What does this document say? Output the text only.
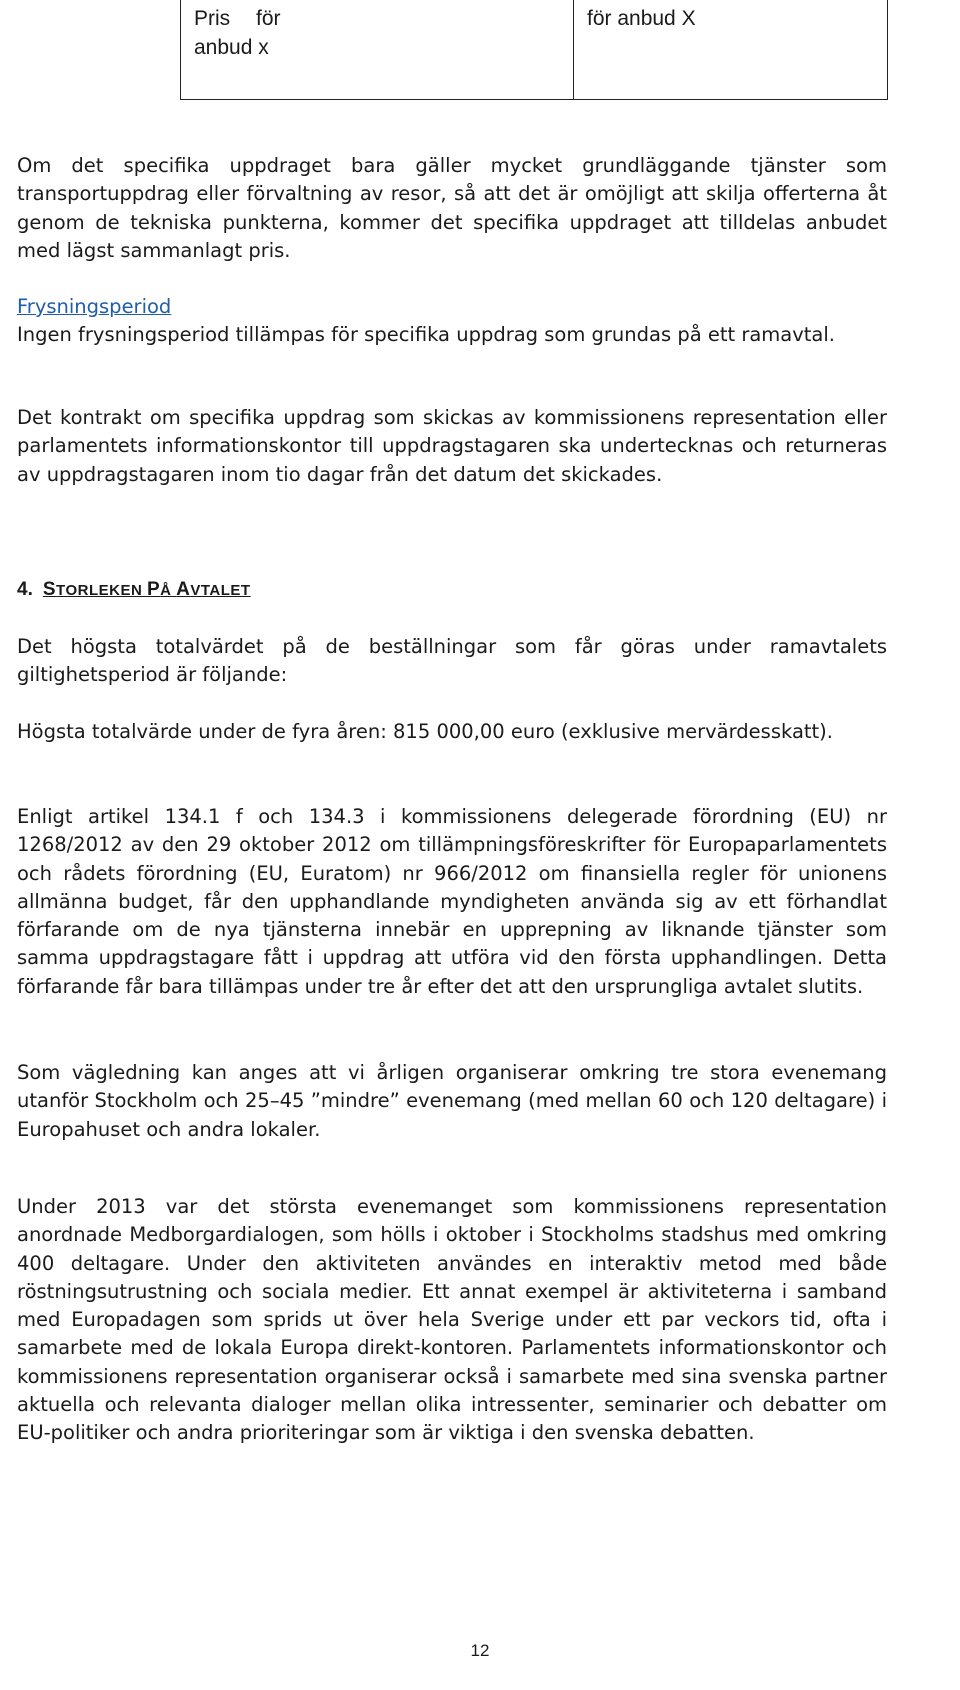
Pris för
anbud x
för anbud X

Om det specifika uppdraget bara gäller mycket grundläggande tjänster som transportuppdrag eller förvaltning av resor, så att det är omöjligt att skilja offerterna åt genom de tekniska punkterna, kommer det specifika uppdraget att tilldelas anbudet med lägst sammanlagt pris.

Frysningsperiod
Ingen frysningsperiod tillämpas för specifika uppdrag som grundas på ett ramavtal.

Det kontrakt om specifika uppdrag som skickas av kommissionens representation eller parlamentets informationskontor till uppdragstagaren ska undertecknas och returneras av uppdragstagaren inom tio dagar från det datum det skickades.

4. STORLEKEN PÅ AVTALET

Det högsta totalvärdet på de beställningar som får göras under ramavtalets giltighetsperiod är följande:

Högsta totalvärde under de fyra åren: 815 000,00 euro (exklusive mervärdesskatt).

Enligt artikel 134.1 f och 134.3 i kommissionens delegerade förordning (EU) nr 1268/2012 av den 29 oktober 2012 om tillämpningsföreskrifter för Europaparlamentets och rådets förordning (EU, Euratom) nr 966/2012 om finansiella regler för unionens allmänna budget, får den upphandlande myndigheten använda sig av ett förhandlat förfarande om de nya tjänsterna innebär en upprepning av liknande tjänster som samma uppdragstagare fått i uppdrag att utföra vid den första upphandlingen. Detta förfarande får bara tillämpas under tre år efter det att den ursprungliga avtalet slutits.

Som vägledning kan anges att vi årligen organiserar omkring tre stora evenemang utanför Stockholm och 25–45 ”mindre” evenemang (med mellan 60 och 120 deltagare) i Europahuset och andra lokaler.

Under 2013 var det största evenemanget som kommissionens representation anordnade Medborgardialogen, som hölls i oktober i Stockholms stadshus med omkring 400 deltagare. Under den aktiviteten användes en interaktiv metod med både röstningsutrustning och sociala medier. Ett annat exempel är aktiviteterna i samband med Europadagen som sprids ut över hela Sverige under ett par veckors tid, ofta i samarbete med de lokala Europa direkt-kontoren. Parlamentets informationskontor och kommissionens representation organiserar också i samarbete med sina svenska partner aktuella och relevanta dialoger mellan olika intressenter, seminarier och debatter om EU-politiker och andra prioriteringar som är viktiga i den svenska debatten.

12
